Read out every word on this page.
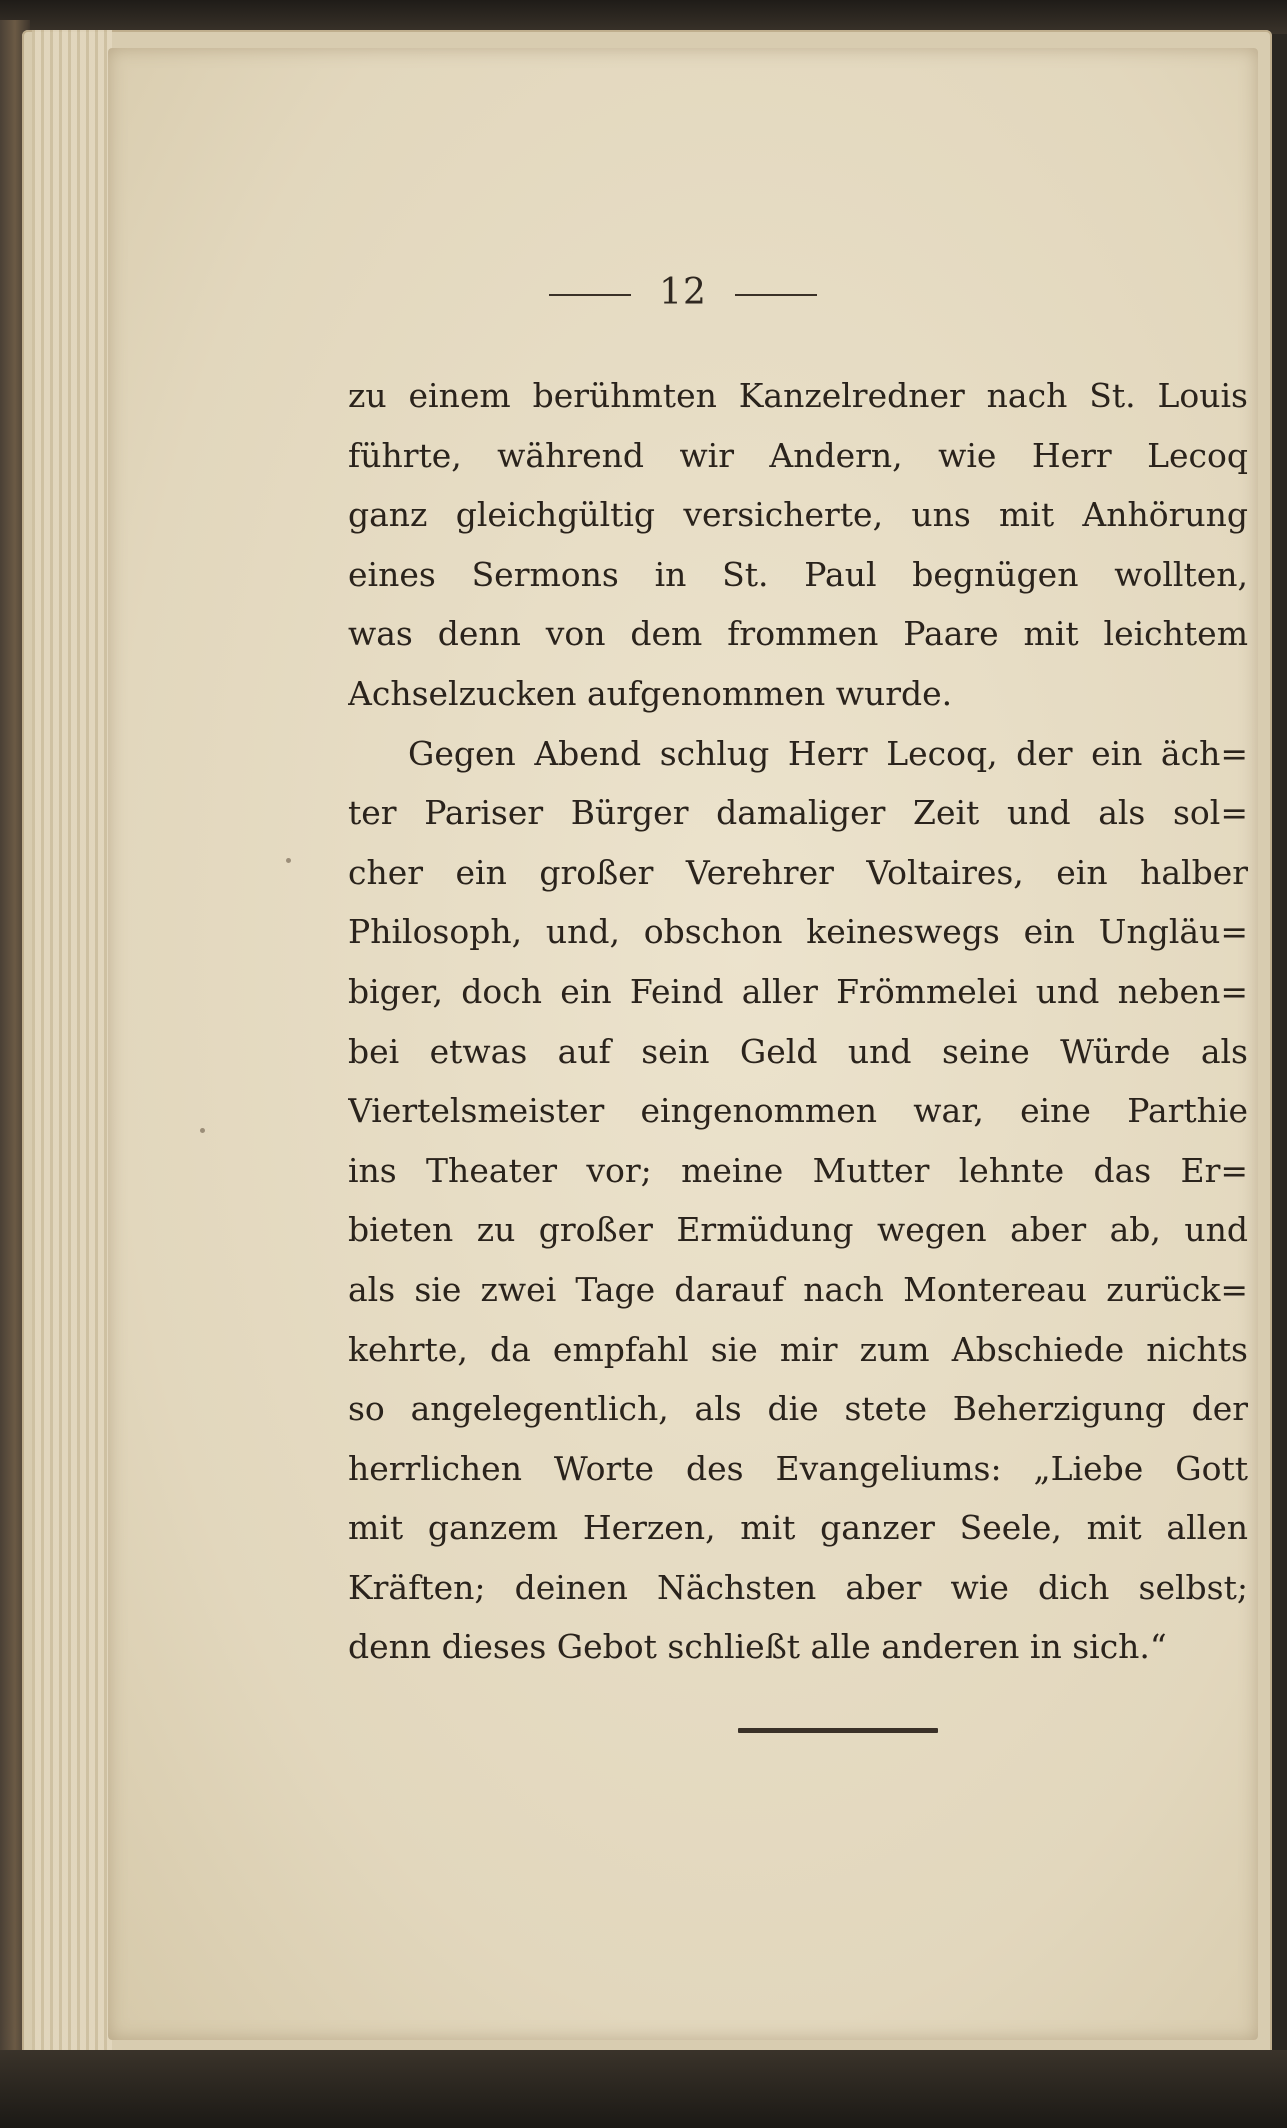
12
zu einem berühmten Kanzelredner nach St. Louis
führte, während wir Andern, wie Herr Lecoq
ganz gleichgültig versicherte, uns mit Anhörung
eines Sermons in St. Paul begnügen wollten,
was denn von dem frommen Paare mit leichtem
Achselzucken aufgenommen wurde.
Gegen Abend schlug Herr Lecoq, der ein äch=
ter Pariser Bürger damaliger Zeit und als sol=
cher ein großer Verehrer Voltaires, ein halber
Philosoph, und, obschon keineswegs ein Ungläu=
biger, doch ein Feind aller Frömmelei und neben=
bei etwas auf sein Geld und seine Würde als
Viertelsmeister eingenommen war, eine Parthie
ins Theater vor; meine Mutter lehnte das Er=
bieten zu großer Ermüdung wegen aber ab, und
als sie zwei Tage darauf nach Montereau zurück=
kehrte, da empfahl sie mir zum Abschiede nichts
so angelegentlich, als die stete Beherzigung der
herrlichen Worte des Evangeliums: „Liebe Gott
mit ganzem Herzen, mit ganzer Seele, mit allen
Kräften; deinen Nächsten aber wie dich selbst;
denn dieses Gebot schließt alle anderen in sich.“
